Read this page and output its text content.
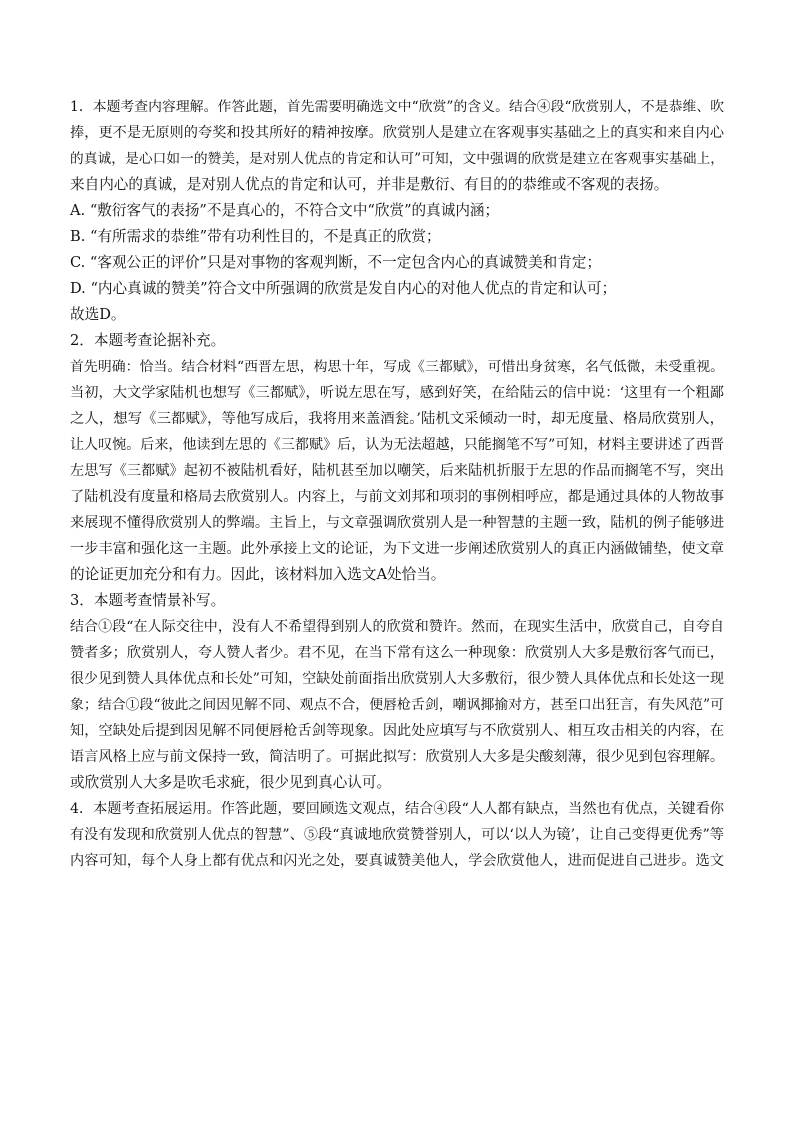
1．本题考查内容理解。作答此题，首先需要明确选文中“欣赏”的含义。结合④段“欣赏别人，不是恭维、吹
捧，更不是无原则的夸奖和投其所好的精神按摩。欣赏别人是建立在客观事实基础之上的真实和来自内心
的真诚，是心口如一的赞美，是对别人优点的肯定和认可”可知，文中强调的欣赏是建立在客观事实基础上，
来自内心的真诚，是对别人优点的肯定和认可，并非是敷衍、有目的的恭维或不客观的表扬。
A. “敷衍客气的表扬”不是真心的，不符合文中“欣赏”的真诚内涵；
B. “有所需求的恭维”带有功利性目的，不是真正的欣赏；
C. “客观公正的评价”只是对事物的客观判断，不一定包含内心的真诚赞美和肯定；
D. “内心真诚的赞美”符合文中所强调的欣赏是发自内心的对他人优点的肯定和认可；
故选D。
2．本题考查论据补充。
首先明确：恰当。结合材料“西晋左思，构思十年，写成《三都赋》，可惜出身贫寒，名气低微，未受重视。
当初，大文学家陆机也想写《三都赋》，听说左思在写，感到好笑，在给陆云的信中说：‘这里有一个粗鄙
之人，想写《三都赋》，等他写成后，我将用来盖酒瓮。’陆机文采倾动一时，却无度量、格局欣赏别人，
让人叹惋。后来，他读到左思的《三都赋》后，认为无法超越，只能搁笔不写”可知，材料主要讲述了西晋
左思写《三都赋》起初不被陆机看好，陆机甚至加以嘲笑，后来陆机折服于左思的作品而搁笔不写，突出
了陆机没有度量和格局去欣赏别人。内容上，与前文刘邦和项羽的事例相呼应，都是通过具体的人物故事
来展现不懂得欣赏别人的弊端。主旨上，与文章强调欣赏别人是一种智慧的主题一致，陆机的例子能够进
一步丰富和强化这一主题。此外承接上文的论证，为下文进一步阐述欣赏别人的真正内涵做铺垫，使文章
的论证更加充分和有力。因此，该材料加入选文A处恰当。
3．本题考查情景补写。
结合①段“在人际交往中，没有人不希望得到别人的欣赏和赞许。然而，在现实生活中，欣赏自己，自夸自
赞者多；欣赏别人，夸人赞人者少。君不见，在当下常有这么一种现象：欣赏别人大多是敷衍客气而已，
很少见到赞人具体优点和长处”可知，空缺处前面指出欣赏别人大多敷衍，很少赞人具体优点和长处这一现
象；结合①段“彼此之间因见解不同、观点不合，便唇枪舌剑，嘲讽揶揄对方，甚至口出狂言，有失风范”可
知，空缺处后提到因见解不同便唇枪舌剑等现象。因此处应填写与不欣赏别人、相互攻击相关的内容，在
语言风格上应与前文保持一致，简洁明了。可据此拟写：欣赏别人大多是尖酸刻薄，很少见到包容理解。
或欣赏别人大多是吹毛求疵，很少见到真心认可。
4．本题考查拓展运用。作答此题，要回顾选文观点，结合④段“人人都有缺点，当然也有优点，关键看你
有没有发现和欣赏别人优点的智慧”、⑤段“真诚地欣赏赞誉别人，可以‘以人为镜’，让自己变得更优秀”等
内容可知，每个人身上都有优点和闪光之处，要真诚赞美他人，学会欣赏他人，进而促进自己进步。选文
